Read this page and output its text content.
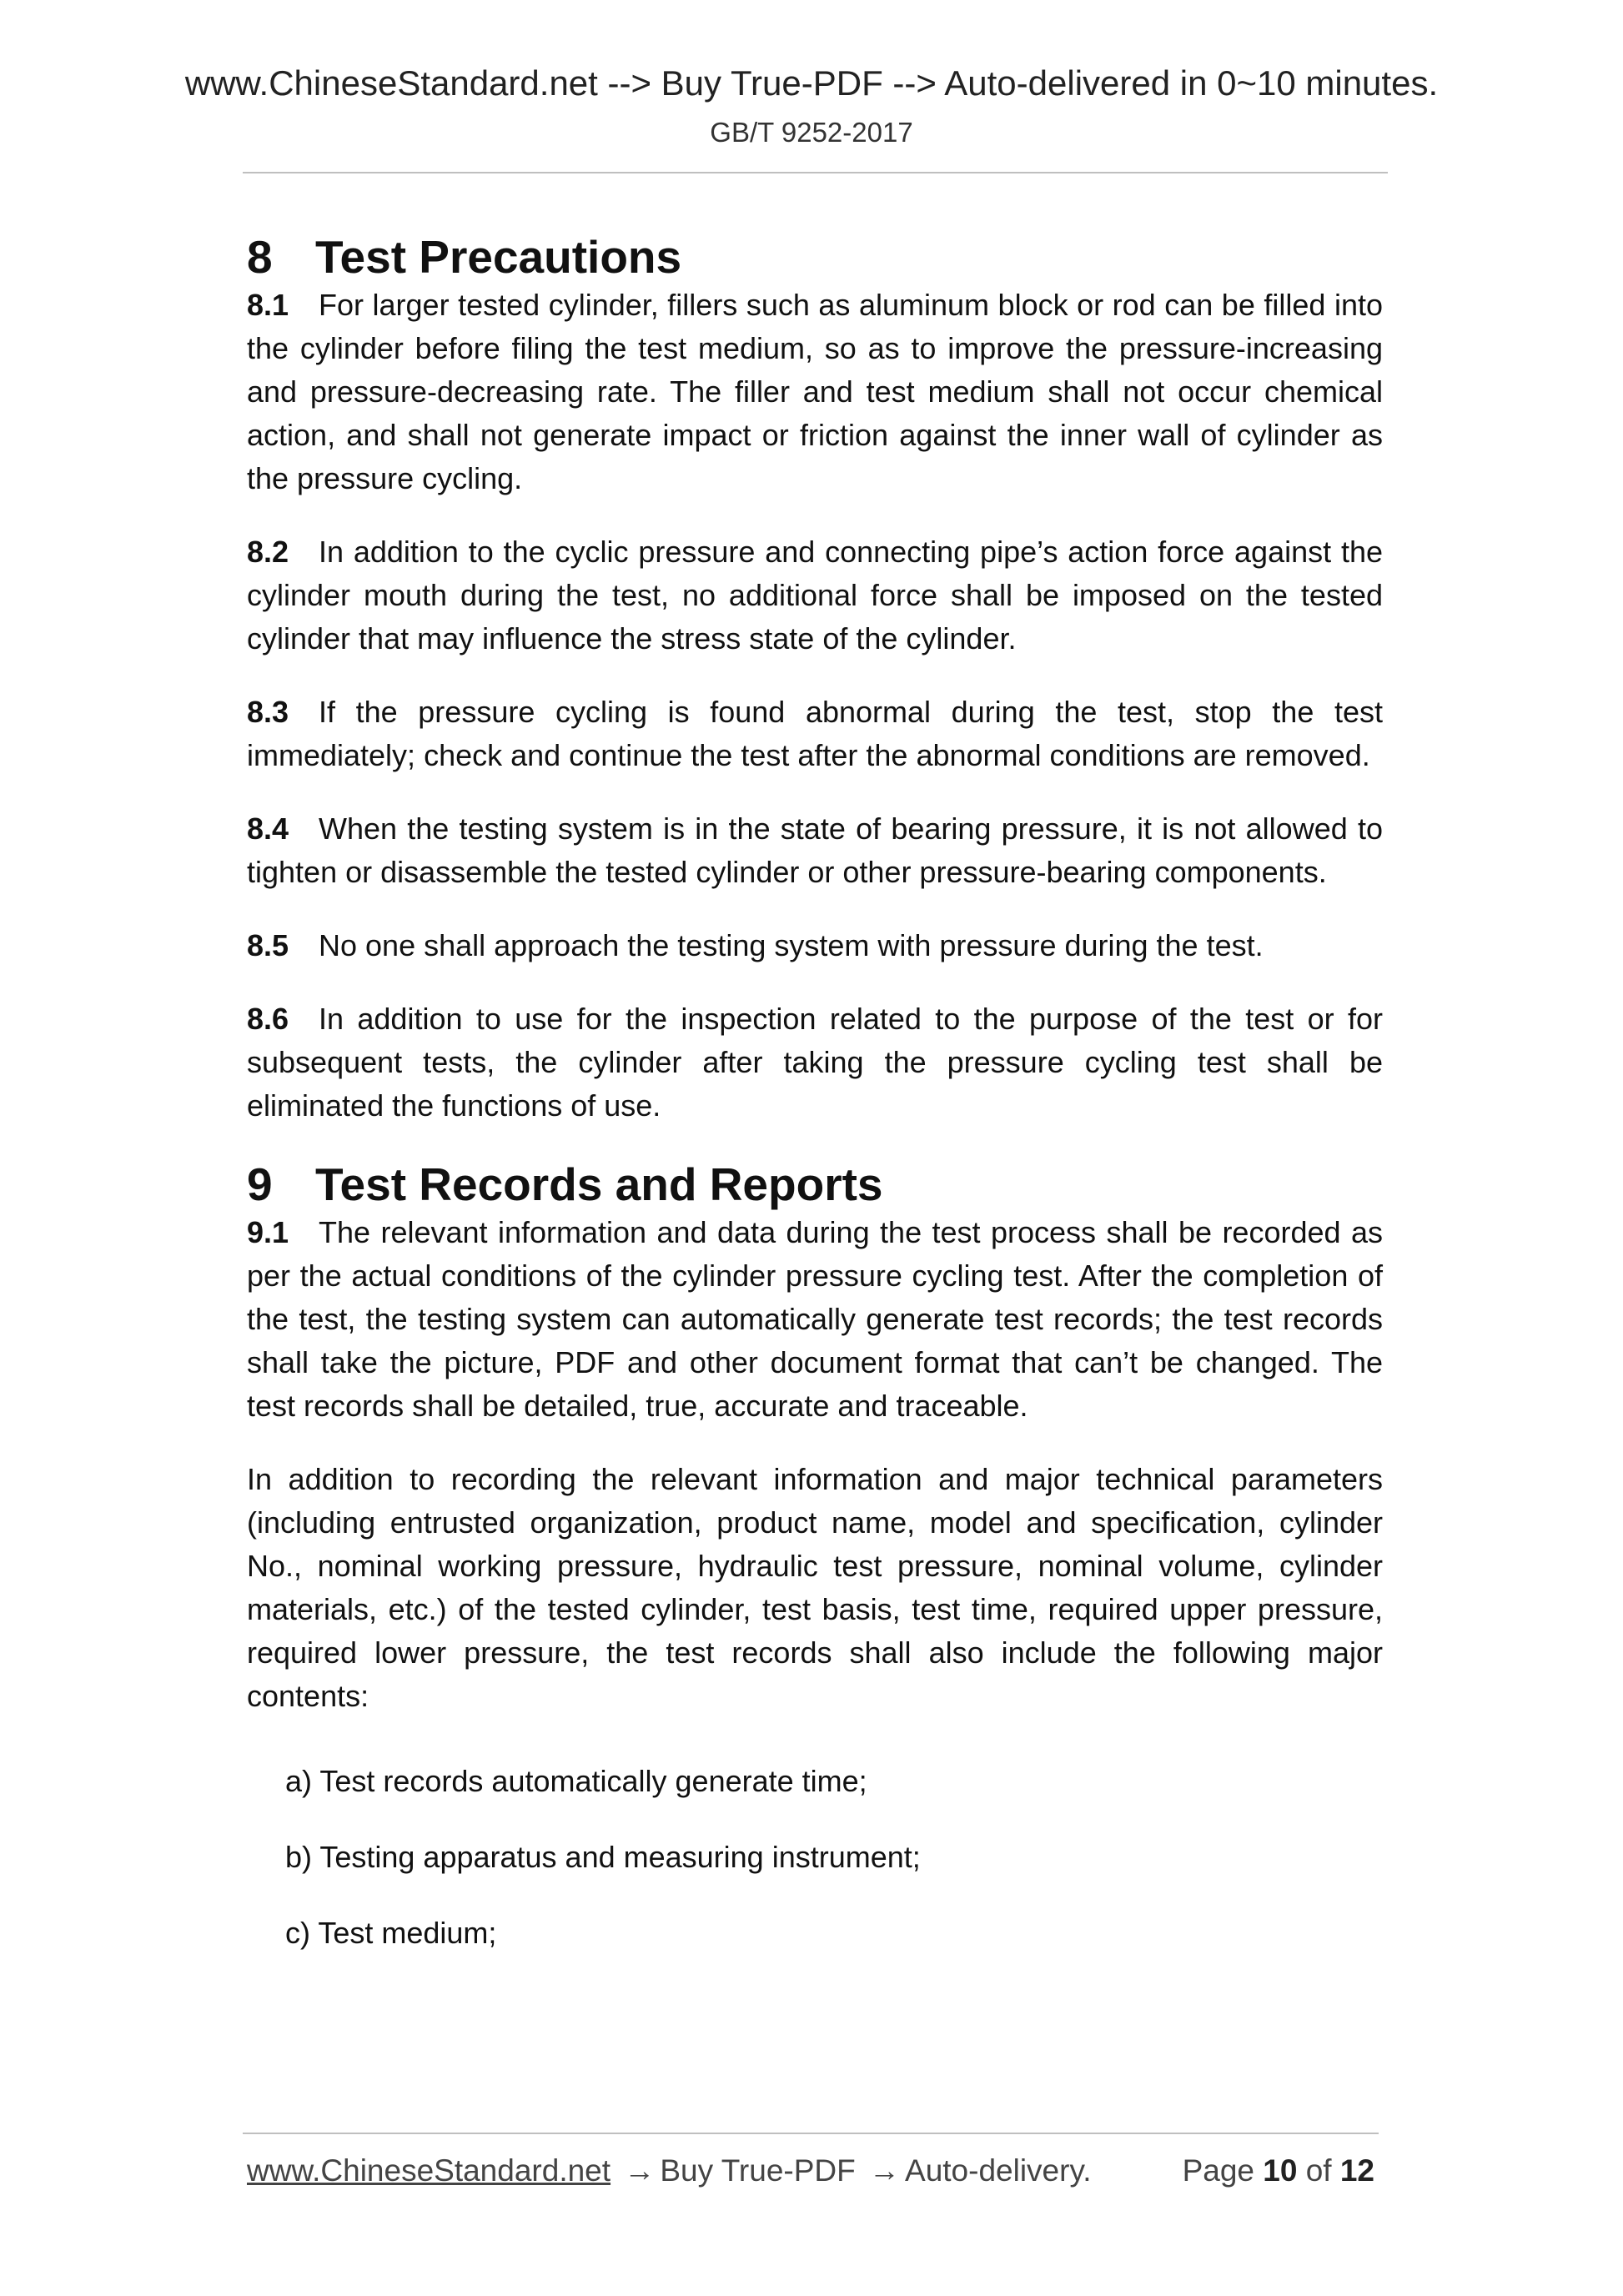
www.ChineseStandard.net --> Buy True-PDF --> Auto-delivered in 0~10 minutes.
GB/T 9252-2017
8 Test Precautions

8.1 For larger tested cylinder, fillers such as aluminum block or rod can be filled into the cylinder before filing the test medium, so as to improve the pressure-increasing and pressure-decreasing rate. The filler and test medium shall not occur chemical action, and shall not generate impact or friction against the inner wall of cylinder as the pressure cycling.

8.2 In addition to the cyclic pressure and connecting pipe’s action force against the cylinder mouth during the test, no additional force shall be imposed on the tested cylinder that may influence the stress state of the cylinder.

8.3 If the pressure cycling is found abnormal during the test, stop the test immediately; check and continue the test after the abnormal conditions are removed.

8.4 When the testing system is in the state of bearing pressure, it is not allowed to tighten or disassemble the tested cylinder or other pressure-bearing components.

8.5 No one shall approach the testing system with pressure during the test.

8.6 In addition to use for the inspection related to the purpose of the test or for subsequent tests, the cylinder after taking the pressure cycling test shall be eliminated the functions of use.

9 Test Records and Reports

9.1 The relevant information and data during the test process shall be recorded as per the actual conditions of the cylinder pressure cycling test. After the completion of the test, the testing system can automatically generate test records; the test records shall take the picture, PDF and other document format that can’t be changed. The test records shall be detailed, true, accurate and traceable.

In addition to recording the relevant information and major technical parameters (including entrusted organization, product name, model and specification, cylinder No., nominal working pressure, hydraulic test pressure, nominal volume, cylinder materials, etc.) of the tested cylinder, test basis, test time, required upper pressure, required lower pressure, the test records shall also include the following major contents:

a) Test records automatically generate time;
b) Testing apparatus and measuring instrument;
c) Test medium;
www.ChineseStandard.net → Buy True-PDF → Auto-delivery.	Page 10 of 12
